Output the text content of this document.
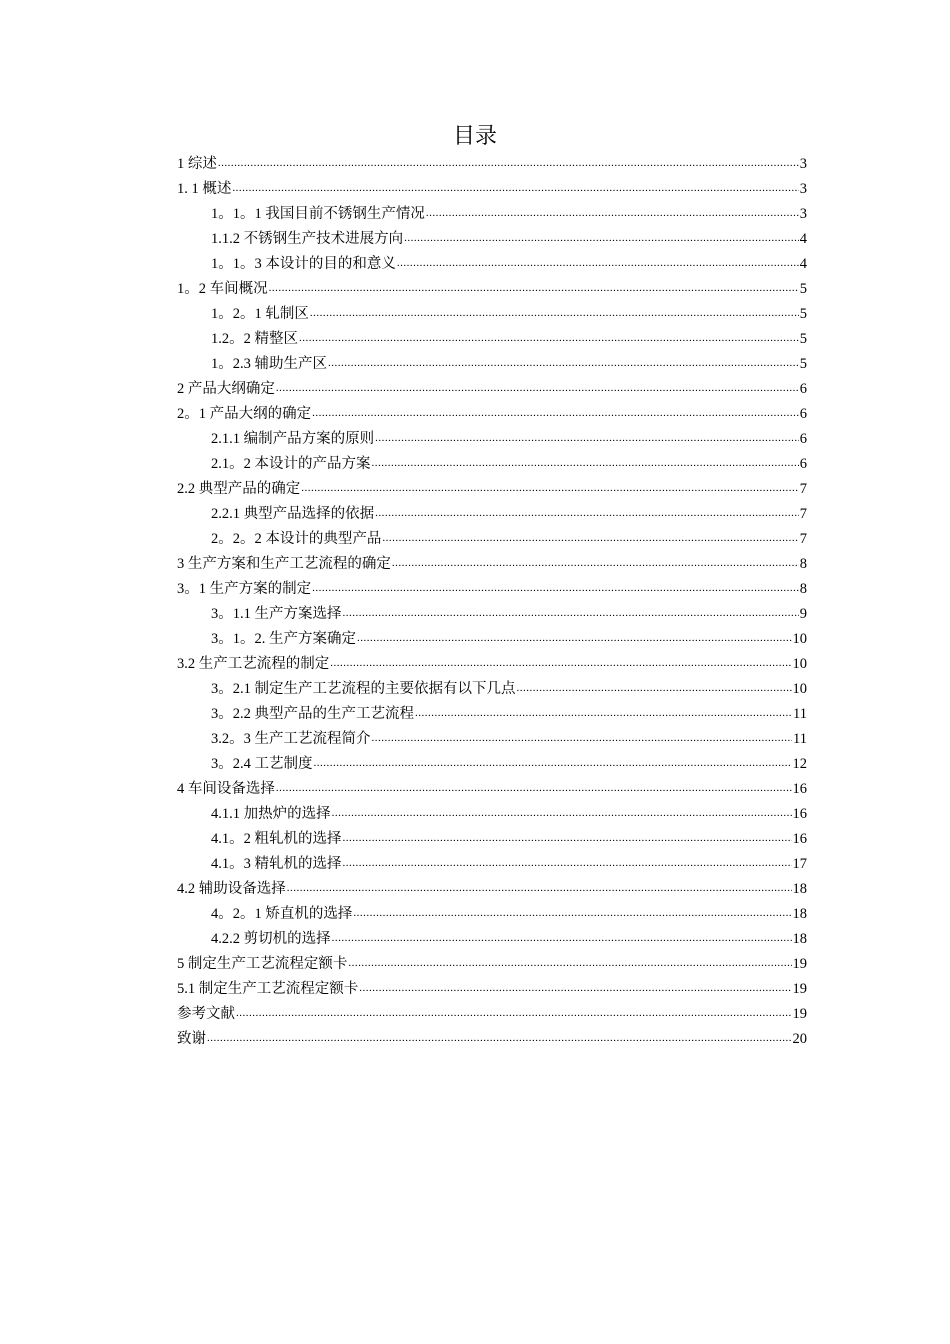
目录
1 综述 .....	3
1. 1 概述 .....	3
1。1。1 我国目前不锈钢生产情况 .....	3
1.1.2 不锈钢生产技术进展方向 .....	4
1。1。3 本设计的目的和意义 .....	4
1。2 车间概况 .....	5
1。2。1 轧制区 .....	5
1.2。2 精整区 .....	5
1。2.3 辅助生产区 .....	5
2 产品大纲确定 .....	6
2。1 产品大纲的确定 .....	6
2.1.1 编制产品方案的原则 .....	6
2.1。2 本设计的产品方案 .....	6
2.2 典型产品的确定 .....	7
2.2.1 典型产品选择的依据 .....	7
2。2。2 本设计的典型产品 .....	7
3 生产方案和生产工艺流程的确定 .....	8
3。1 生产方案的制定 .....	8
3。1.1 生产方案选择 .....	9
3。1。2. 生产方案确定 .....	10
3.2 生产工艺流程的制定 .....	10
3。2.1 制定生产工艺流程的主要依据有以下几点 .....	10
3。2.2 典型产品的生产工艺流程 .....	11
3.2。3 生产工艺流程简介 .....	11
3。2.4 工艺制度 .....	12
4 车间设备选择 .....	16
4.1.1 加热炉的选择 .....	16
4.1。2 粗轧机的选择 .....	16
4.1。3 精轧机的选择 .....	17
4.2 辅助设备选择 .....	18
4。2。1 矫直机的选择 .....	18
4.2.2 剪切机的选择 .....	18
5 制定生产工艺流程定额卡 .....	19
5.1 制定生产工艺流程定额卡 .....	19
参考文献 .....	19
致谢 .....	20
